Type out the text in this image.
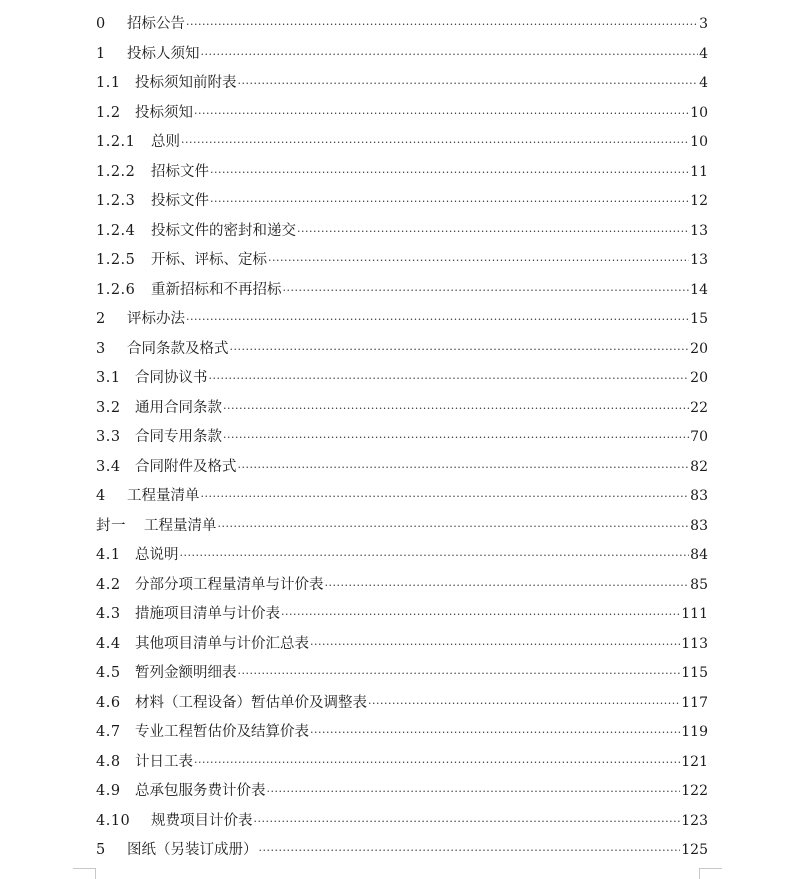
0	招标公告 ·····	3
1	投标人须知 ·····	4
1.1 投标须知前附表 ·····	4
1.2 投标须知 ·····	10
1.2.1	总则 ·····	10
1.2.2	招标文件 ·····	11
1.2.3	投标文件 ·····	12
1.2.4	投标文件的密封和递交 ·····	13
1.2.5	开标、评标、定标 ·····	13
1.2.6	重新招标和不再招标 ·····	14
2	评标办法 ·····	15
3	合同条款及格式 ·····	20
3.1 合同协议书 ·····	20
3.2 通用合同条款 ·····	22
3.3 合同专用条款 ·····	70
3.4 合同附件及格式 ·····	82
4	工程量清单 ·····	83
封一	工程量清单 ·····	83
4.1 总说明 ·····	84
4.2 分部分项工程量清单与计价表 ·····	85
4.3 措施项目清单与计价表 ·····	111
4.4 其他项目清单与计价汇总表 ·····	113
4.5 暂列金额明细表 ·····	115
4.6 材料（工程设备）暂估单价及调整表 ·····	117
4.7 专业工程暂估价及结算价表 ·····	119
4.8 计日工表 ·····	121
4.9 总承包服务费计价表 ·····	122
4.10	规费项目计价表 ·····	123
5	图纸（另装订成册） ·····	125
